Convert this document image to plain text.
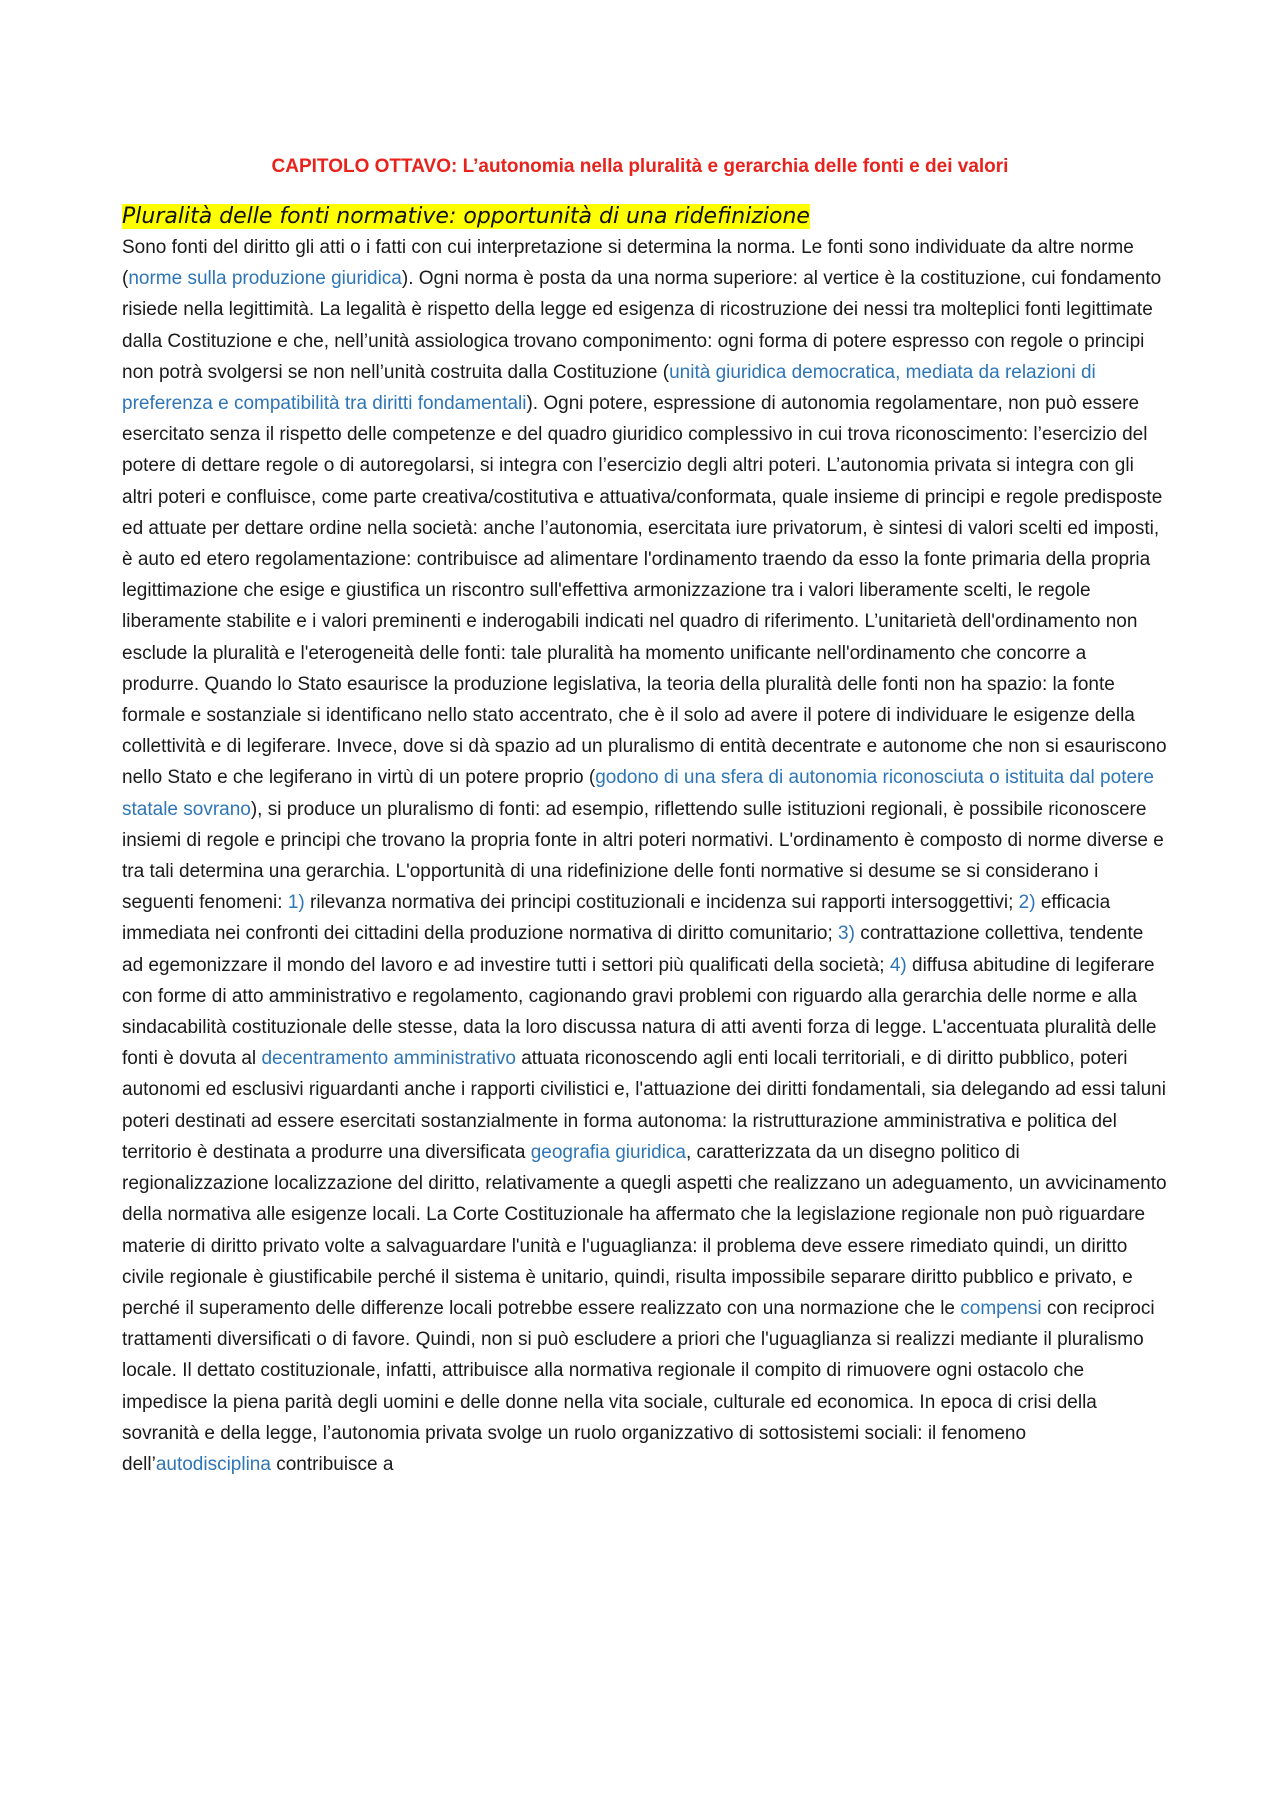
CAPITOLO OTTAVO: L’autonomia nella pluralità e gerarchia delle fonti e dei valori
Pluralità delle fonti normative: opportunità di una ridefinizione

Sono fonti del diritto gli atti o i fatti con cui interpretazione si determina la norma. Le fonti sono individuate da altre norme (norme sulla produzione giuridica). Ogni norma è posta da una norma superiore: al vertice è la costituzione, cui fondamento risiede nella legittimità. La legalità è rispetto della legge ed esigenza di ricostruzione dei nessi tra molteplici fonti legittimate dalla Costituzione e che, nell’unità assiologica trovano componimento: ogni forma di potere espresso con regole o principi non potrà svolgersi se non nell’unità costruita dalla Costituzione (unità giuridica democratica, mediata da relazioni di preferenza e compatibilità tra diritti fondamentali). Ogni potere, espressione di autonomia regolamentare, non può essere esercitato senza il rispetto delle competenze e del quadro giuridico complessivo in cui trova riconoscimento: l’esercizio del potere di dettare regole o di autoregolarsi, si integra con l’esercizio degli altri poteri. L’autonomia privata si integra con gli altri poteri e confluisce, come parte creativa/costitutiva e attuativa/conformata, quale insieme di principi e regole predisposte ed attuate per dettare ordine nella società: anche l’autonomia, esercitata iure privatorum, è sintesi di valori scelti ed imposti, è auto ed etero regolamentazione: contribuisce ad alimentare l'ordinamento traendo da esso la fonte primaria della propria legittimazione che esige e giustifica un riscontro sull'effettiva armonizzazione tra i valori liberamente scelti, le regole liberamente stabilite e i valori preminenti e inderogabili indicati nel quadro di riferimento. L’unitarietà dell'ordinamento non esclude la pluralità e l'eterogeneità delle fonti: tale pluralità ha momento unificante nell'ordinamento che concorre a produrre. Quando lo Stato esaurisce la produzione legislativa, la teoria della pluralità delle fonti non ha spazio: la fonte formale e sostanziale si identificano nello stato accentrato, che è il solo ad avere il potere di individuare le esigenze della collettività e di legiferare. Invece, dove si dà spazio ad un pluralismo di entità decentrate e autonome che non si esauriscono nello Stato e che legiferano in virtù di un potere proprio (godono di una sfera di autonomia riconosciuta o istituita dal potere statale sovrano), si produce un pluralismo di fonti: ad esempio, riflettendo sulle istituzioni regionali, è possibile riconoscere insiemi di regole e principi che trovano la propria fonte in altri poteri normativi. L'ordinamento è composto di norme diverse e tra tali determina una gerarchia. L'opportunità di una ridefinizione delle fonti normative si desume se si considerano i seguenti fenomeni: 1) rilevanza normativa dei principi costituzionali e incidenza sui rapporti intersoggettivi; 2) efficacia immediata nei confronti dei cittadini della produzione normativa di diritto comunitario; 3) contrattazione collettiva, tendente ad egemonizzare il mondo del lavoro e ad investire tutti i settori più qualificati della società; 4) diffusa abitudine di legiferare con forme di atto amministrativo e regolamento, cagionando gravi problemi con riguardo alla gerarchia delle norme e alla sindacabilità costituzionale delle stesse, data la loro discussa natura di atti aventi forza di legge. L'accentuata pluralità delle fonti è dovuta al decentramento amministrativo attuata riconoscendo agli enti locali territoriali, e di diritto pubblico, poteri autonomi ed esclusivi riguardanti anche i rapporti civilistici e, l'attuazione dei diritti fondamentali, sia delegando ad essi taluni poteri destinati ad essere esercitati sostanzialmente in forma autonoma: la ristrutturazione amministrativa e politica del territorio è destinata a produrre una diversificata geografia giuridica, caratterizzata da un disegno politico di regionalizzazione localizzazione del diritto, relativamente a quegli aspetti che realizzano un adeguamento, un avvicinamento della normativa alle esigenze locali. La Corte Costituzionale ha affermato che la legislazione regionale non può riguardare materie di diritto privato volte a salvaguardare l'unità e l'uguaglianza: il problema deve essere rimediato quindi, un diritto civile regionale è giustificabile perché il sistema è unitario, quindi, risulta impossibile separare diritto pubblico e privato, e perché il superamento delle differenze locali potrebbe essere realizzato con una normazione che le compensi con reciproci trattamenti diversificati o di favore. Quindi, non si può escludere a priori che l'uguaglianza si realizzi mediante il pluralismo locale. Il dettato costituzionale, infatti, attribuisce alla normativa regionale il compito di rimuovere ogni ostacolo che impedisce la piena parità degli uomini e delle donne nella vita sociale, culturale ed economica. In epoca di crisi della sovranità e della legge, l’autonomia privata svolge un ruolo organizzativo di sottosistemi sociali: il fenomeno dell’autodisciplina contribuisce a
